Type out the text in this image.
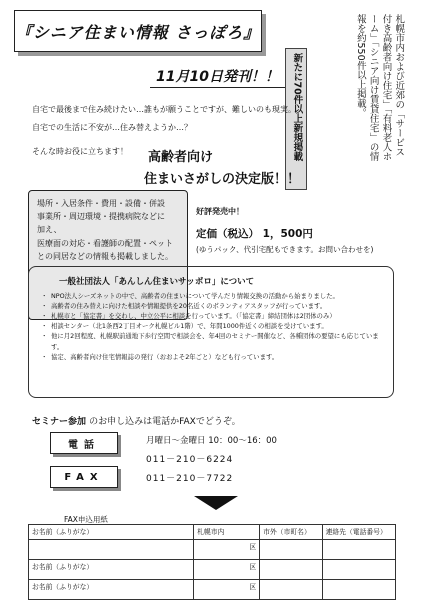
『シニア住まい情報 さっぽろ』
11月10日発刊！！	新たに70件以上新規掲載	札幌市内および近郊の「サービス付き高齢者向け住宅」「有料老人ホーム」「シニア向け賃貸住宅」の情報を約550件以上掲載。
自宅で最後まで住み続けたい…誰もが願うことですが、難しいのも現実。
自宅での生活に不安が…住み替えようか…？
そんな時お役に立ちます！ 高齢者向け
住まいさがしの決定版！！

場所・入居条件・費用・設備・併設

事業所・周辺環境・提携病院などに

加え、

医療面の対応・看護師の配置・ペット

との同居などの情報も掲載しました。

好評発売中！
定価（税込） 1，500円
(ゆうパック、代引宅配もできます。お問い合わせを)
一般社団法人「あんしん住まいサッポロ」について
・ NPO法人シーズネットの中で、高齢者の住まいについて学んだり情報交換の活動から始まりました。
・ 高齢者の住み替えに向けた相談や情報提供を20名近くのボランティアスタッフが行っています。
・ 札幌市と「協定書」を交わし、中立公平に相談を行っています。（「協定書」締結団体は2団体のみ）
・ 相談センター（北1条西2丁目オーク札幌ビル1階）で、年間1000件近くの相談を受けています。
・ 他に月2回程度、札幌駅前通地下歩行空間で相談会を、年4回のセミナー開催など、各種団体の要望にも応じています。
・ 協定、高齢者向け住宅情報誌の発行（おおよそ2年ごと）なども行っています。
セミナー参加 のお申し込みは電話かFAXでどうぞ。
電話	月曜日〜金曜日 10：00〜16：00
011－210－6224
FAX	011－210－7722
FAX申込用紙
お名前（ふりがな）	札幌市内	市外（市町名）	連絡先（電話番号）
	区		
お名前（ふりがな）	区		
お名前（ふりがな）	区		
